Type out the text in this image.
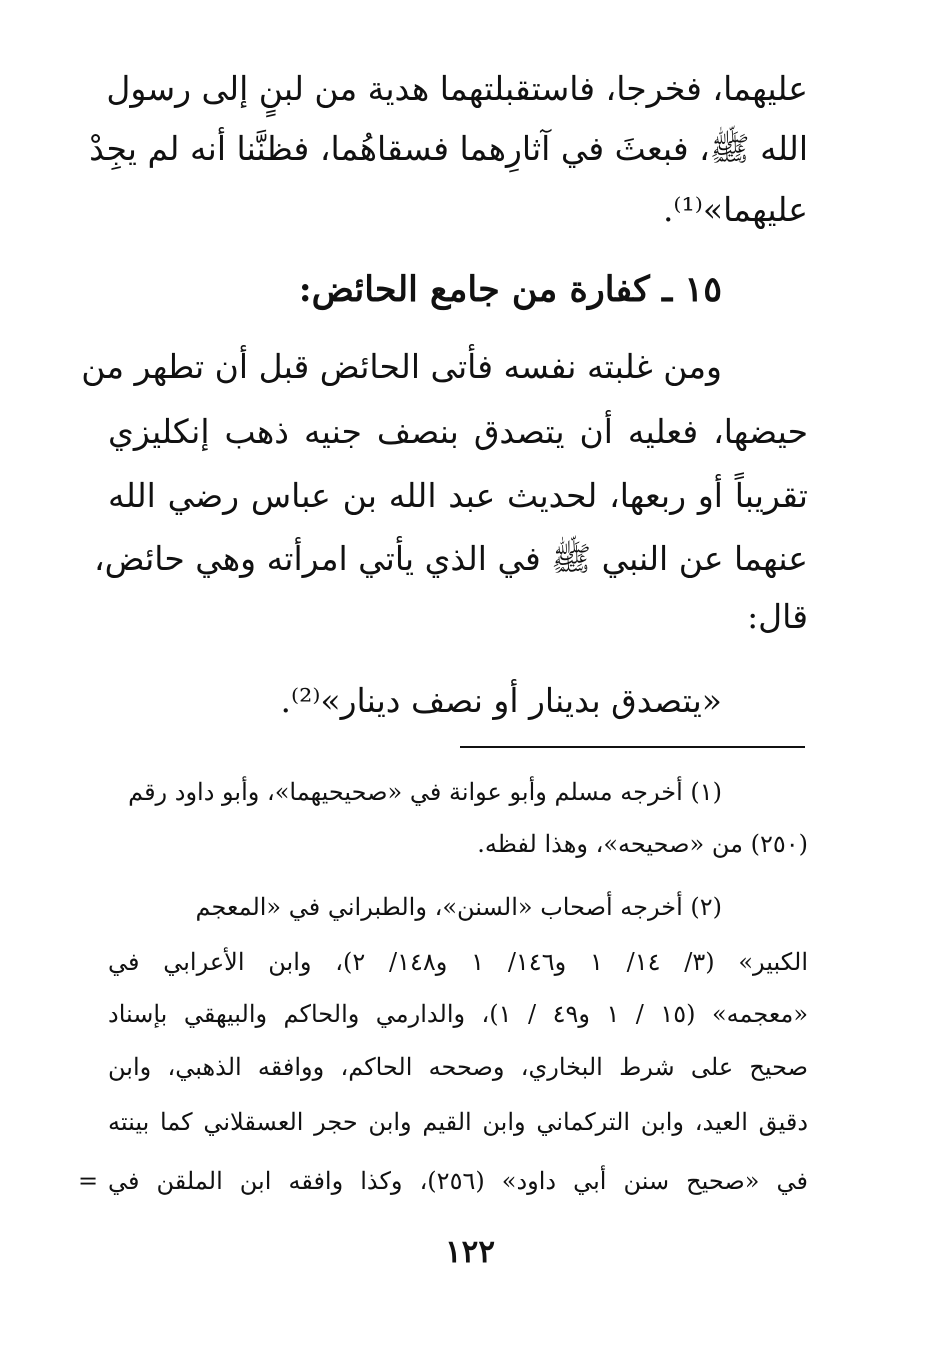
عليهما، فخرجا، فاستقبلتهما هدية من لبنٍ إلى رسول
الله ﷺ، فبعثَ في آثارِهما فسقاهُما، فظنَّنا أنه لم يجِدْ
عليهما»⁽¹⁾.
١٥ ـ كفارة من جامع الحائض:
ومن غلبته نفسه فأتى الحائض قبل أن تطهر من
حيضها، فعليه أن يتصدق بنصف جنيه ذهب إنكليزي
تقريباً أو ربعها، لحديث عبد الله بن عباس رضي الله
عنهما عن النبي ﷺ في الذي يأتي امرأته وهي حائض،
قال:
«يتصدق بدينار أو نصف دينار»⁽²⁾.
(١) أخرجه مسلم وأبو عوانة في «صحيحيهما»، وأبو داود رقم
(٢٥٠) من «صحيحه»، وهذا لفظه.
(٢) أخرجه أصحاب «السنن»، والطبراني في «المعجم
الكبير» (٣/ ١٤/ ١ و١٤٦/ ١ و١٤٨/ ٢)، وابن الأعرابي في
«معجمه» (١٥ / ١ و٤٩ / ١)، والدارمي والحاكم والبيهقي بإسناد
صحيح على شرط البخاري، وصححه الحاكم، ووافقه الذهبي، وابن
دقيق العيد، وابن التركماني وابن القيم وابن حجر العسقلاني كما بينته
في «صحيح سنن أبي داود» (٢٥٦)، وكذا وافقه ابن الملقن في
=
١٢٢
